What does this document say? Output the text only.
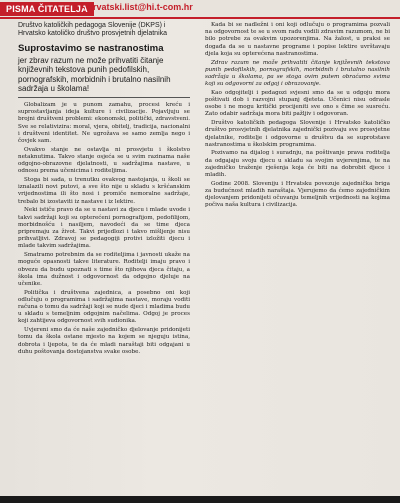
PISMA ČITATELJA
- hrvatski.list@hi.t-com.hr
Društvo katoličkih pedagoga Slovenije (DKPS) i Hrvatsko katoličko društvo prosvjetnih djelatnika
Suprostavimo se nastranostima
jer zbrav razum ne može prihvatiti čitanje književnih tekstova punih pedofilskih, pornografskih, morbidnih i brutalno nasilnih sadržaja u školama!

Globalizam je u punom zamahu, procesi kreću i suprostavljanja ideja kulture i civilizacije. Pojavljuju se brojni društveni problemi: ekonomski, politički, zdravstveni. Sve se relativizira: moral, vjera, obitelj, tradicija, nacionalni i društveni identitet. Ne ugrožava se samo zemlja nego i čovjek sam.

Ovakvo stanje ne ostavlja ni prosvjetu i školstvo netaknutima. Takvo stanje osjeća se u svim razinama naše odgojno-obrazovne djelatnosti, u sadržajima nastave, u odnosu prema učenicima i roditeljima.

Stoga bi sada, u trenutku ovakvog nastojanja, u školi se iznalazili novi putovi, a sve što nije u skladu s kršćanskim vrijednostima ili što nosi i promiče nemoralne sadržaje, trebalo bi izostaviti iz nastave i iz lektire.

Neki ističu pravo da se u nastavi za djecu i mlade uvode i takvi sadržaji koji su opterećeni pornografijom, pedofilijom, morbidnošću i nasiljem, navodeći da se time djeca pripremaju za život. Takvi prijedlozi i takvo mišljenje nisu prihvatljivi. Zdravoj se pedagogiji protivi izložiti djecu i mlade takvim sadržajima.

Smatramo potrebnim da se roditeljima i javnosti ukaže na moguće opasnosti takve literature. Roditelji imaju pravo i obvezu da budu upoznati s time što njihova djeca čitaju, a škola ima dužnost i odgovornost da odgojno djeluje na učenike.

Politička i društvena zajednica, a posebno oni koji odlučuju o programima i sadržajima nastave, moraju voditi računa o tomu da sadržaji koji se nude djeci i mladima budu u skladu s temeljnim odgojnim načelima. Odgoj je proces koji zahtijeva odgovornost svih sudionika.

Uvjereni smo da će naše zajedničko djelovanje pridonijeti tomu da škola ostane mjesto na kojem se njeguju istina, dobrota i ljepota, te da će mladi naraštaji biti odgajani u duhu poštovanja dostojanstva svake osobe.

Kada bi se nadležni i oni koji odlučuju o programima pozvali na odgovornost te se u svom radu vodili zdravim razumom, ne bi bilo potrebe za ovakvim upozorenjima. Na žalost, u praksi se događa da se u nastavne programe i popise lektire uvrštavaju djela koja su opterećena nastranostima.

Zdrav razum ne može prihvatiti čitanje književnih tekstova punih pedofilskih, pornografskih, morbidnih i brutalno nasilnih sadržaja u školama, pa se stoga ovim putem obraćamo svima koji su odgovorni za odgoj i obrazovanje.

Kao odgojitelji i pedagozi svjesni smo da se u odgoju mora poštivati dob i razvojni stupanj djeteta. Učenici nisu odrasle osobe i ne mogu kritički procijeniti sve ono s čime se susreću. Zato odabir sadržaja mora biti pažljiv i odgovoran.

Društvo katoličkih pedagoga Slovenije i Hrvatsko katoličko društvo prosvjetnih djelatnika zajednički pozivaju sve prosvjetne djelatnike, roditelje i odgovorne u društvu da se suprotstave nastranostima u školskim programima.

Pozivamo na dijalog i suradnju, na poštivanje prava roditelja da odgajaju svoju djecu u skladu sa svojim uvjerenjima, te na zajedničko traženje rješenja koja će biti na dobrobit djece i mladih.

Godine 2008. Sloveniju i Hrvatsku povezuje zajednička briga za budućnost mladih naraštaja. Vjerujemo da ćemo zajedničkim djelovanjem pridonijeti očuvanju temeljnih vrijednosti na kojima počiva naša kultura i civilizacija.
